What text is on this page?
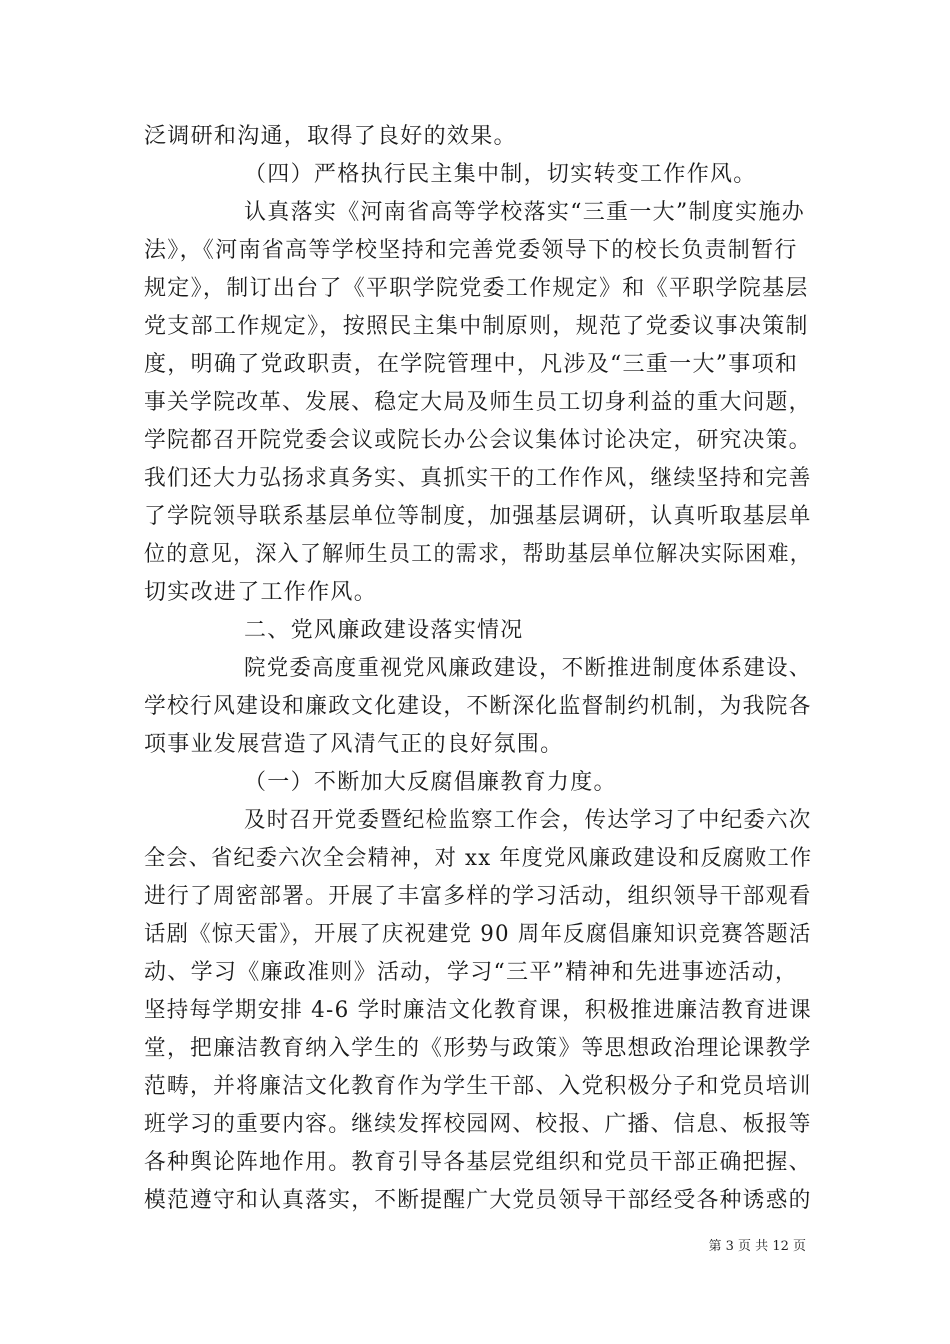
泛调研和沟通，取得了良好的效果。
（四）严格执行民主集中制，切实转变工作作风。
认真落实《河南省高等学校落实“三重一大”制度实施办
法》，《河南省高等学校坚持和完善党委领导下的校长负责制暂行
规定》，制订出台了《平职学院党委工作规定》和《平职学院基层
党支部工作规定》，按照民主集中制原则，规范了党委议事决策制
度，明确了党政职责，在学院管理中，凡涉及“三重一大”事项和
事关学院改革、发展、稳定大局及师生员工切身利益的重大问题，
学院都召开院党委会议或院长办公会议集体讨论决定，研究决策。
我们还大力弘扬求真务实、真抓实干的工作作风，继续坚持和完善
了学院领导联系基层单位等制度，加强基层调研，认真听取基层单
位的意见，深入了解师生员工的需求，帮助基层单位解决实际困难，
切实改进了工作作风。
二、党风廉政建设落实情况
院党委高度重视党风廉政建设，不断推进制度体系建设、
学校行风建设和廉政文化建设，不断深化监督制约机制，为我院各
项事业发展营造了风清气正的良好氛围。
（一）不断加大反腐倡廉教育力度。
及时召开党委暨纪检监察工作会，传达学习了中纪委六次
全会、省纪委六次全会精神，对 xx 年度党风廉政建设和反腐败工作
进行了周密部署。开展了丰富多样的学习活动，组织领导干部观看
话剧《惊天雷》，开展了庆祝建党 90 周年反腐倡廉知识竞赛答题活
动、学习《廉政准则》活动，学习“三平”精神和先进事迹活动，
坚持每学期安排 4-6 学时廉洁文化教育课，积极推进廉洁教育进课
堂，把廉洁教育纳入学生的《形势与政策》等思想政治理论课教学
范畴，并将廉洁文化教育作为学生干部、入党积极分子和党员培训
班学习的重要内容。继续发挥校园网、校报、广播、信息、板报等
各种舆论阵地作用。教育引导各基层党组织和党员干部正确把握、
模范遵守和认真落实，不断提醒广大党员领导干部经受各种诱惑的
第 3 页 共 12 页
